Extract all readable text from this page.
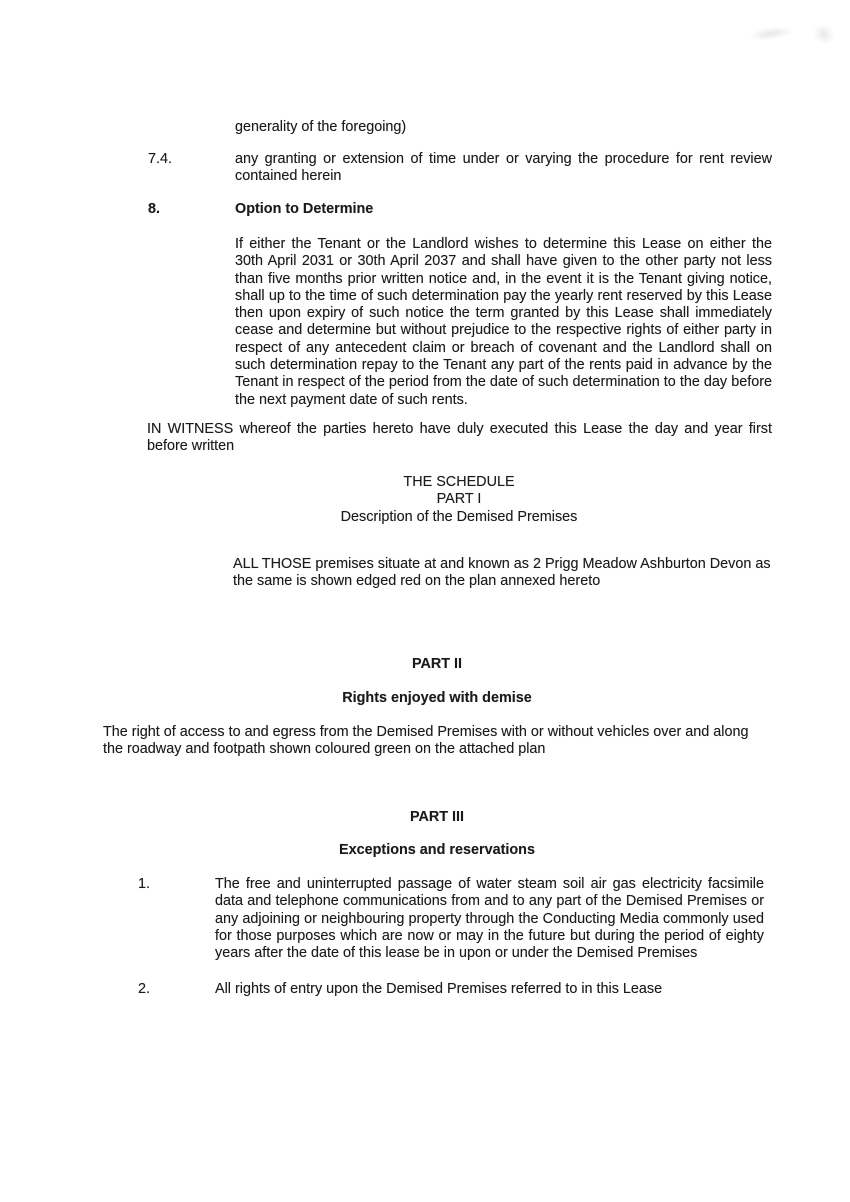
generality of the foregoing)
7.4.	any granting or extension of time under or varying the procedure for rent review contained herein
8.	Option to Determine
If either the Tenant or the Landlord wishes to determine this Lease on either the 30th April 2031 or 30th April 2037 and shall have given to the other party not less than five months prior written notice and, in the event it is the Tenant giving notice, shall up to the time of such determination pay the yearly rent reserved by this Lease then upon expiry of such notice the term granted by this Lease shall immediately cease and determine but without prejudice to the respective rights of either party in respect of any antecedent claim or breach of covenant and the Landlord shall on such determination repay to the Tenant any part of the rents paid in advance by the Tenant in respect of the period from the date of such determination to the day before the next payment date of such rents.
IN WITNESS whereof the parties hereto have duly executed this Lease the day and year first before written
THE SCHEDULE
PART I
Description of the Demised Premises
ALL THOSE premises situate at and known as 2 Prigg Meadow Ashburton Devon as the same is shown edged red on the plan annexed hereto
PART II
Rights enjoyed with demise
The right of access to and egress from the Demised Premises with or without vehicles over and along the roadway and footpath shown coloured green on the attached plan
PART III
Exceptions and reservations
1.	The free and uninterrupted passage of water steam soil air gas electricity facsimile data and telephone communications from and to any part of the Demised Premises or any adjoining or neighbouring property through the Conducting Media commonly used for those purposes which are now or may in the future but during the period of eighty years after the date of this lease be in upon or under the Demised Premises
2.	All rights of entry upon the Demised Premises referred to in this Lease
